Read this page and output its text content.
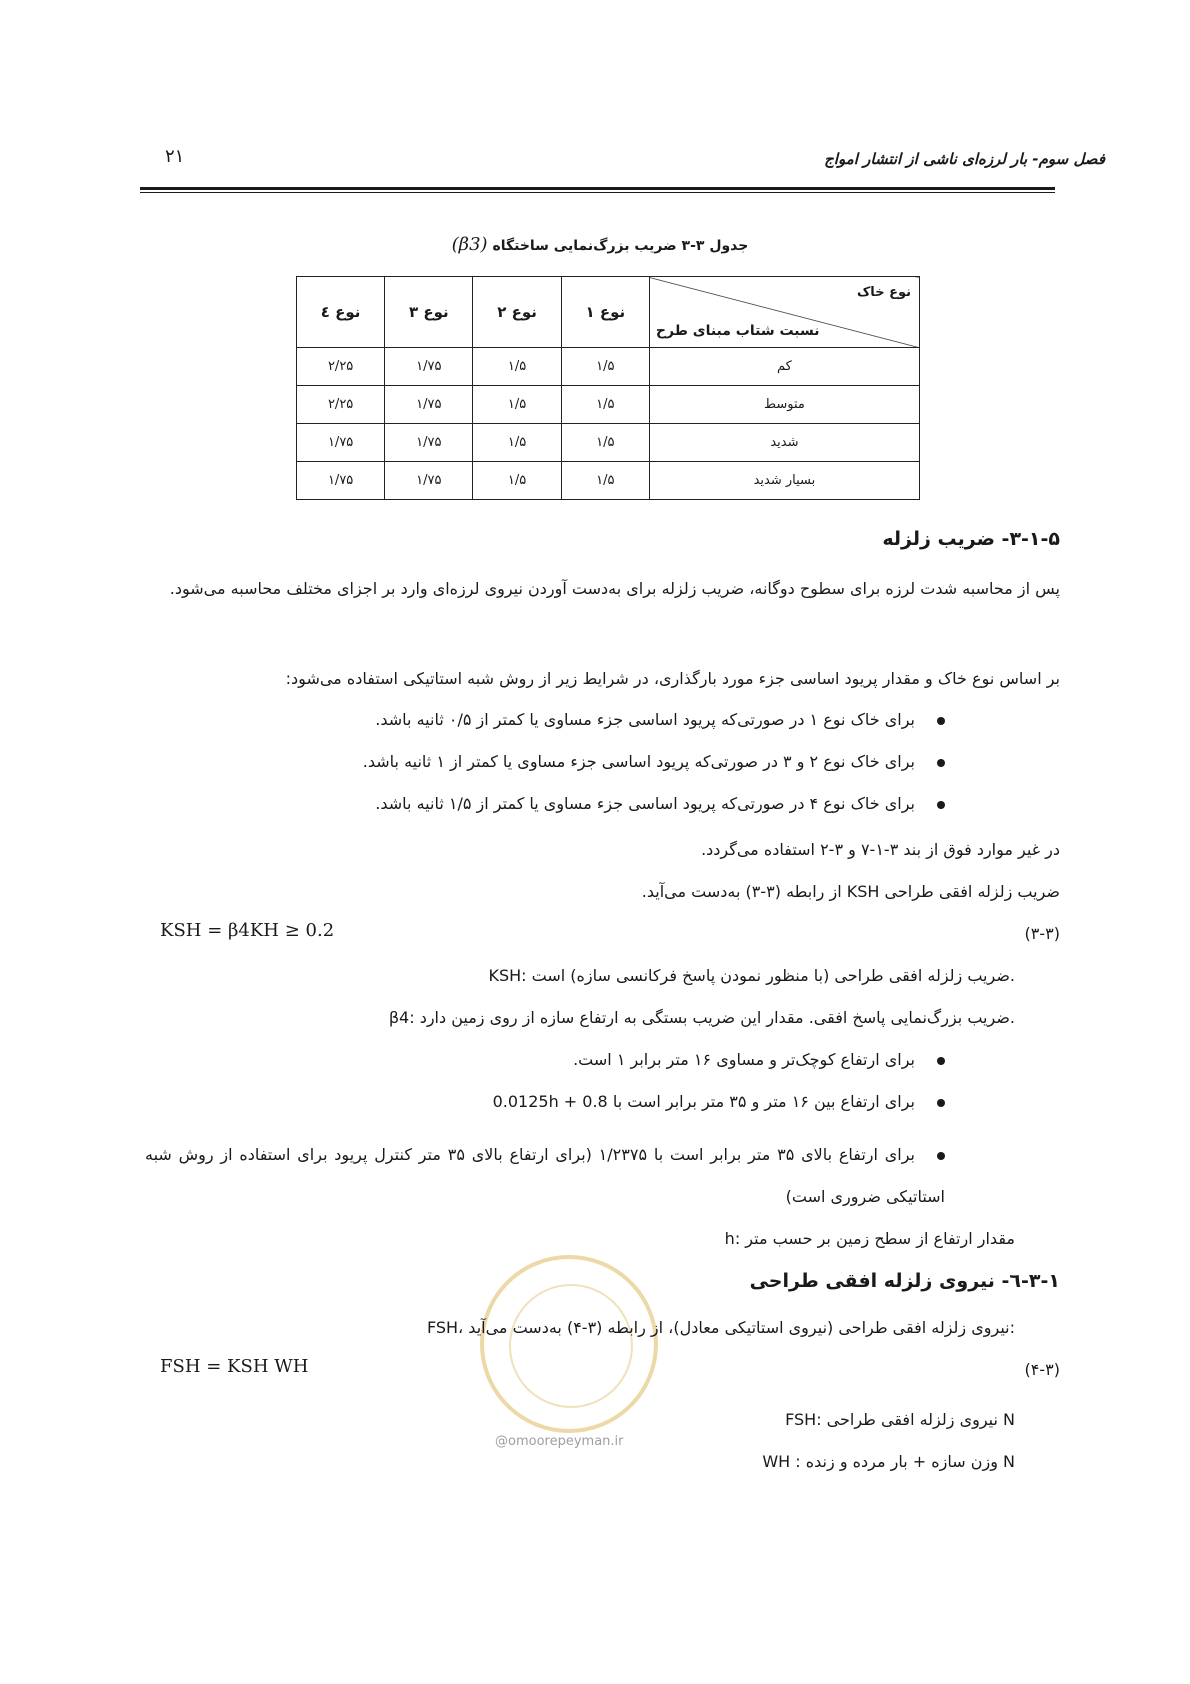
فصل سوم- بار لرزه‌ای ناشی از انتشار امواج
۲۱
جدول ۳-۳ ضریب بزرگ‌نمایی ساختگاه (β3)
نوع خاک
نسبت شتاب مبنای طرح	نوع ۱	نوع ۲	نوع ۳	نوع ٤
کم	۱/۵	۱/۵	۱/۷۵	۲/۲۵
متوسط	۱/۵	۱/۵	۱/۷۵	۲/۲۵
شدید	۱/۵	۱/۵	۱/۷۵	۱/۷۵
بسیار شدید	۱/۵	۱/۵	۱/۷۵	۱/۷۵
۳-۱-۵- ضریب زلزله
پس از محاسبه شدت لرزه برای سطوح دوگانه، ضریب زلزله برای به‌دست آوردن نیروی لرزه‌ای وارد بر اجزای مختلف محاسبه می‌شود.
بر اساس نوع خاک و مقدار پریود اساسی جزء مورد بارگذاری، در شرایط زیر از روش شبه استاتیکی استفاده می‌شود:
برای خاک نوع ۱ در صورتی‌که پریود اساسی جزء مساوی یا کمتر از ۰/۵ ثانیه باشد.
برای خاک نوع ۲ و ۳ در صورتی‌که پریود اساسی جزء مساوی یا کمتر از ۱ ثانیه باشد.
برای خاک نوع ۴ در صورتی‌که پریود اساسی جزء مساوی یا کمتر از ۱/۵ ثانیه باشد.
در غیر موارد فوق از بند ۳-۱-۷ و ۳-۲ استفاده می‌گردد.
ضریب زلزله افقی طراحی KSH از رابطه (۳-۳) به‌دست می‌آید.
KSH = β4KH ≥ 0.2	(۳-۳)
KSH: ضریب زلزله افقی طراحی (با منظور نمودن پاسخ فرکانسی سازه) است.
β4: ضریب بزرگ‌نمایی پاسخ افقی. مقدار این ضریب بستگی به ارتفاع سازه از روی زمین دارد.
برای ارتفاع کوچک‌تر و مساوی ۱۶ متر برابر ۱ است.
برای ارتفاع بین ۱۶ متر و ۳۵ متر برابر است با 0.0125h + 0.8
برای ارتفاع بالای ۳۵ متر برابر است با ۱/۲۳۷۵ (برای ارتفاع بالای ۳۵ متر کنترل پریود برای استفاده از روش شبه استاتیکی ضروری است)
h: مقدار ارتفاع از سطح زمین بر حسب متر
@omoorepeyman.ir
۳-۱-٦- نیروی زلزله افقی طراحی
FSH، نیروی زلزله افقی طراحی (نیروی استاتیکی معادل)، از رابطه (۳-۴) به‌دست می‌آید:
FSH = KSH WH	(۴-۳)
FSH: نیروی زلزله افقی طراحی N
WH : وزن سازه + بار مرده و زنده N
